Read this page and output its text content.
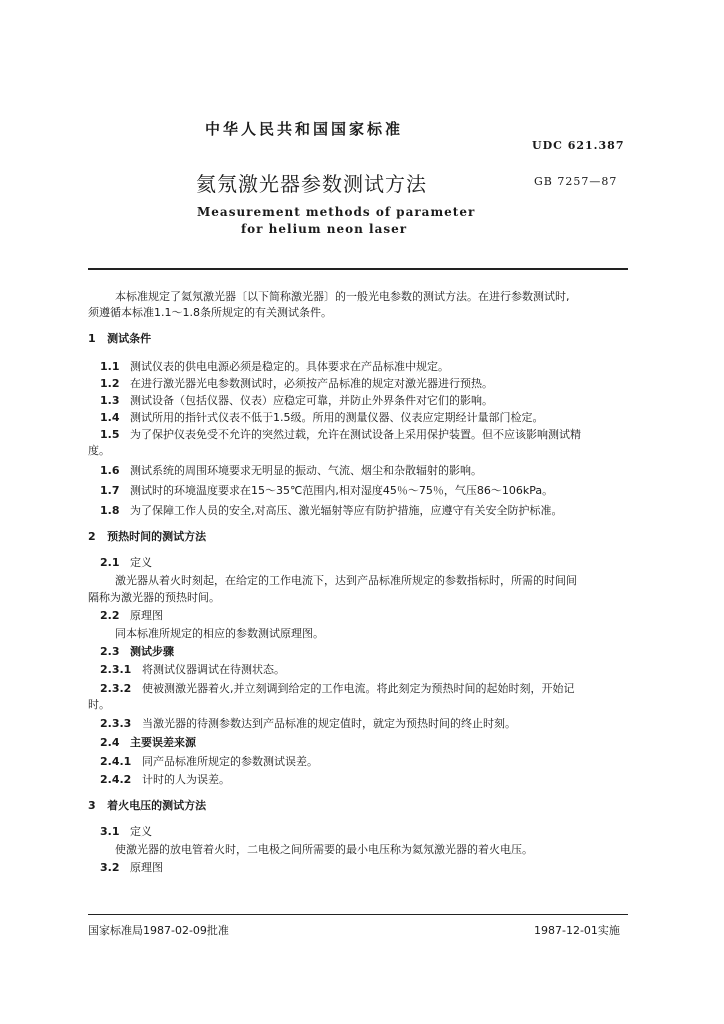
中华人民共和国国家标准
UDC 621.387
氦氖激光器参数测试方法	GB 7257—87
Measurement methods of parameter
for helium neon laser
本标准规定了氦氖激光器〔以下简称激光器〕的一般光电参数的测试方法。在进行参数测试时,
须遵循本标准1.1～1.8条所规定的有关测试条件。
1 测试条件
1.1 测试仪表的供电电源必须是稳定的。具体要求在产品标准中规定。
1.2 在进行激光器光电参数测试时，必须按产品标准的规定对激光器进行预热。
1.3 测试设备（包括仪器、仪表）应稳定可靠，并防止外界条件对它们的影响。
1.4 测试所用的指针式仪表不低于1.5级。所用的测量仪器、仪表应定期经计量部门检定。
1.5 为了保护仪表免受不允许的突然过载，允许在测试设备上采用保护装置。但不应该影响测试精
度。
1.6 测试系统的周围环境要求无明显的振动、气流、烟尘和杂散辐射的影响。
1.7 测试时的环境温度要求在15～35℃范围内,相对湿度45％～75％，气压86～106kPa。
1.8 为了保障工作人员的安全,对高压、激光辐射等应有防护措施，应遵守有关安全防护标准。
2 预热时间的测试方法
2.1 定义
激光器从着火时刻起，在给定的工作电流下，达到产品标准所规定的参数指标时，所需的时间间
隔称为激光器的预热时间。
2.2 原理图
同本标准所规定的相应的参数测试原理图。
2.3 测试步骤
2.3.1 将测试仪器调试在待测状态。
2.3.2 使被测激光器着火,并立刻调到给定的工作电流。将此刻定为预热时间的起始时刻，开始记
时。
2.3.3 当激光器的待测参数达到产品标准的规定值时，就定为预热时间的终止时刻。
2.4 主要误差来源
2.4.1 同产品标准所规定的参数测试误差。
2.4.2 计时的人为误差。
3 着火电压的测试方法
3.1 定义
使激光器的放电管着火时，二电极之间所需要的最小电压称为氦氖激光器的着火电压。
3.2 原理图
国家标准局1987-02-09批准	1987-12-01实施
